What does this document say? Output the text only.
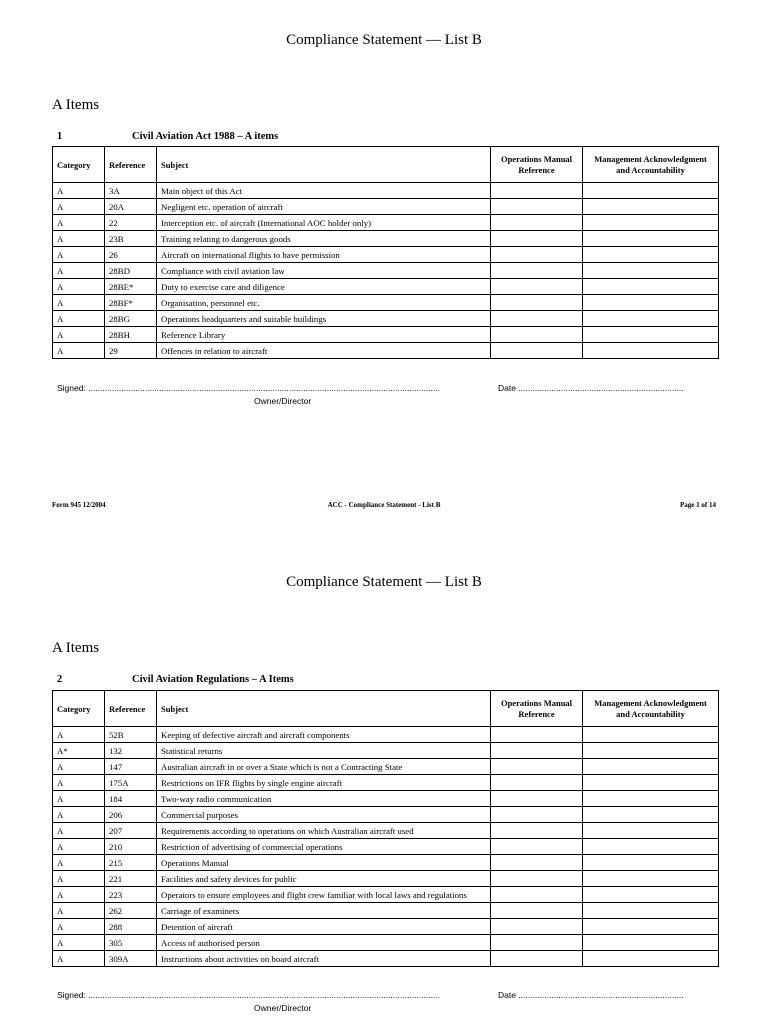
Compliance Statement — List B
A Items
1	Civil Aviation Act 1988 – A items
Category	Reference	Subject	Operations Manual Reference	Management Acknowledgment and Accountability
A	3A	Main object of this Act		
A	20A	Negligent etc. operation of aircraft		
A	22	Interception etc. of aircraft (International AOC holder only)		
A	23B	Training relating to dangerous goods		
A	26	Aircraft on international flights to have permission		
A	28BD	Compliance with civil aviation law		
A	28BE*	Duty to exercise care and diligence		
A	28BF*	Organisation, personnel etc.		
A	28BG	Operations headquarters and suitable buildings		
A	28BH	Reference Library		
A	29	Offences in relation to aircraft		
Signed: .....................................................................................................................................................	Date ......................................................................
Owner/Director
Form 945 12/2004	ACC - Compliance Statement - List B	Page 1 of 14
Compliance Statement — List B
A Items
2	Civil Aviation Regulations – A Items
Category	Reference	Subject	Operations Manual Reference	Management Acknowledgment and Accountability
A	52B	Keeping of defective aircraft and aircraft components		
A*	132	Statistical returns		
A	147	Australian aircraft in or over a State which is not a Contracting State		
A	175A	Restrictions on IFR flights by single engine aircraft		
A	184	Two-way radio communication		
A	206	Commercial purposes		
A	207	Requirements according to operations on which Australian aircraft used		
A	210	Restriction of advertising of commercial operations		
A	215	Operations Manual		
A	221	Facilities and safety devices for public		
A	223	Operators to ensure employees and flight crew familiar with local laws and regulations		
A	262	Carriage of examiners		
A	288	Detention of aircraft		
A	305	Access of authorised person		
A	309A	Instructions about activities on board aircraft		
Signed: .....................................................................................................................................................	Date ......................................................................
Owner/Director
